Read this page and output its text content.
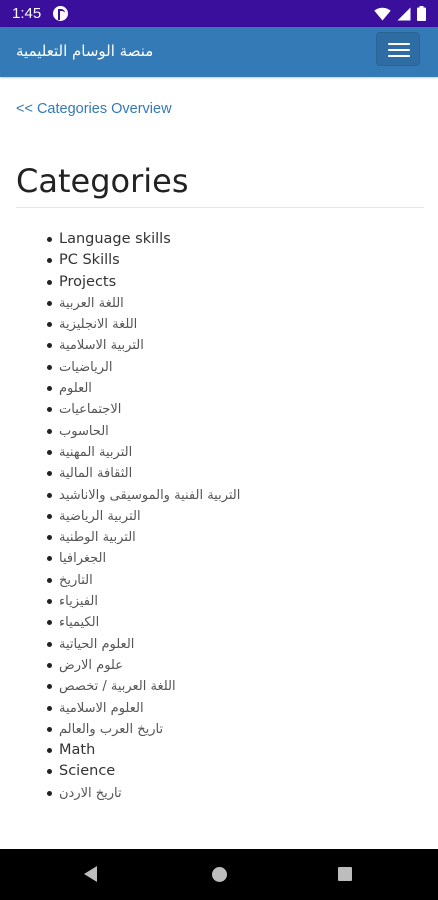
1:45
منصة الوسام التعليمية
<< Categories Overview
Categories
Language skills
PC Skills
Projects
اللغة العربية
اللغة الانجليزية
التربية الاسلامية
الرياضيات
العلوم
الاجتماعيات
الحاسوب
التربية المهنية
الثقافة المالية
التربية الفنية والموسيقى والاناشيد
التربية الرياضية
التربية الوطنية
الجغرافيا
التاريخ
الفيزياء
الكيمياء
العلوم الحياتية
علوم الارض
اللغة العربية / تخصص
العلوم الاسلامية
تاريخ العرب والعالم
Math
Science
تاريخ الاردن
